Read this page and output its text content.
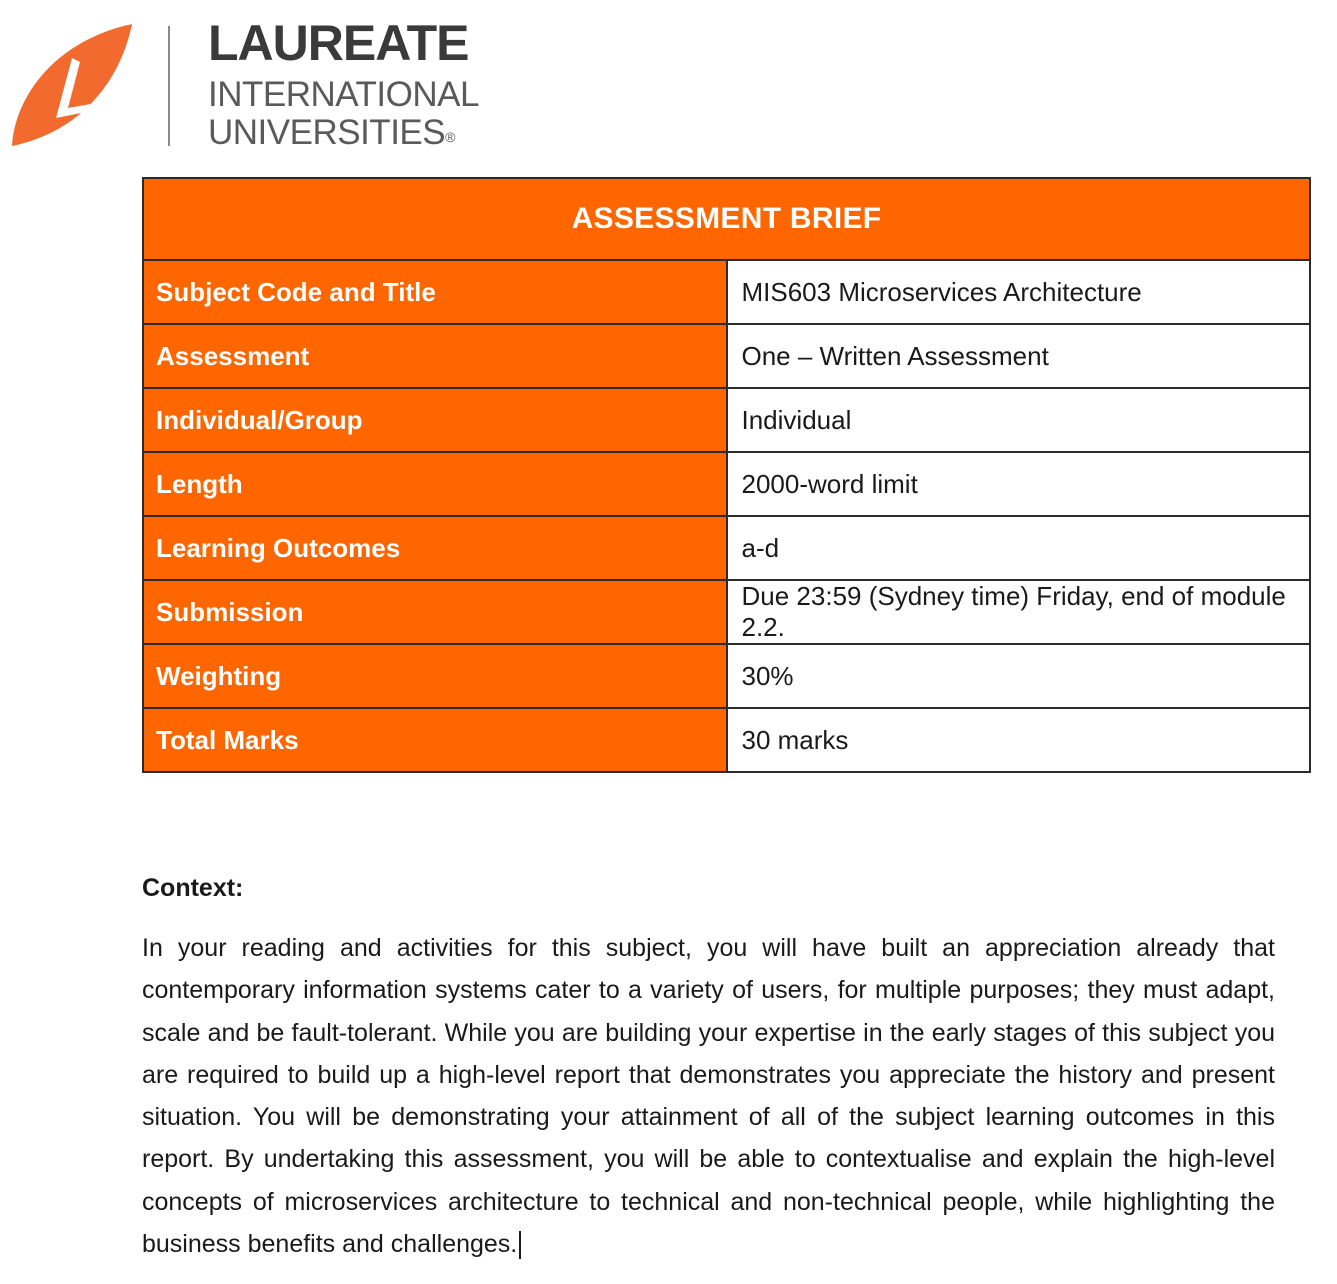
LAUREATE
INTERNATIONAL
UNIVERSITIES®
ASSESSMENT BRIEF	
Subject Code and Title	MIS603 Microservices Architecture
Assessment	One – Written Assessment
Individual/Group	Individual
Length	2000-word limit
Learning Outcomes	a-d
Submission	Due 23:59 (Sydney time) Friday, end of module 2.2.
Weighting	30%
Total Marks	30 marks

Context:

In your reading and activities for this subject, you will have built an appreciation already that contemporary information systems cater to a variety of users, for multiple purposes; they must adapt, scale and be fault-tolerant. While you are building your expertise in the early stages of this subject you are required to build up a high-level report that demonstrates you appreciate the history and present situation. You will be demonstrating your attainment of all of the subject learning outcomes in this report. By undertaking this assessment, you will be able to contextualise and explain the high-level concepts of microservices architecture to technical and non-technical people, while highlighting the business benefits and challenges.
